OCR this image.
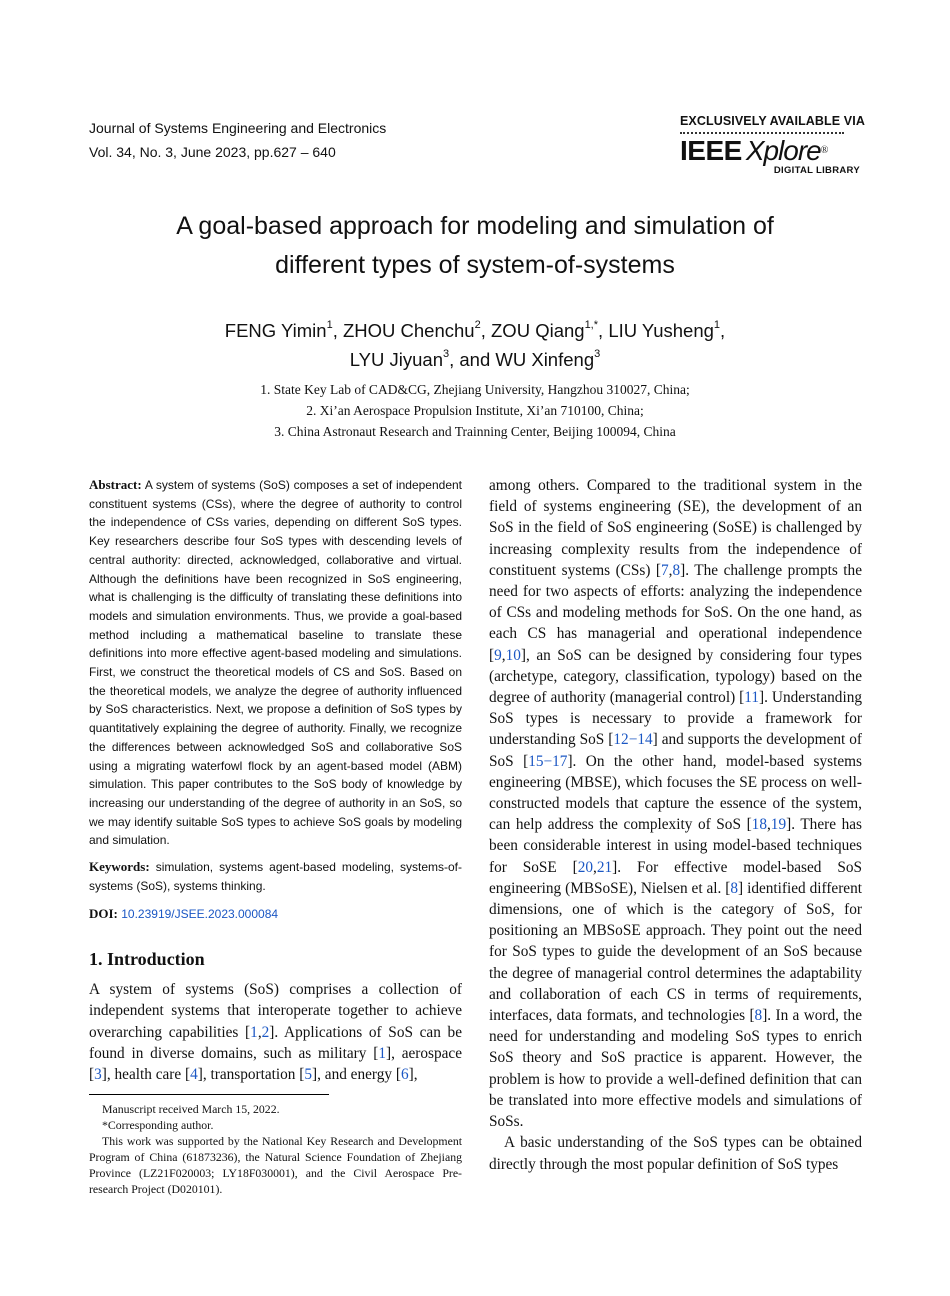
Journal of Systems Engineering and Electronics
Vol. 34, No. 3, June 2023, pp.627 – 640
EXCLUSIVELY AVAILABLE VIA
IEEE Xplore®
DIGITAL LIBRARY
A goal-based approach for modeling and simulation of
different types of system-of-systems
FENG Yimin$^1$, ZHOU Chenchu$^2$, ZOU Qiang$^{1,*}$, LIU Yusheng$^1$,
LYU Jiyuan$^3$, and WU Xinfeng$^3$
1. State Key Lab of CAD&CG, Zhejiang University, Hangzhou 310027, China;
2. Xi’an Aerospace Propulsion Institute, Xi’an 710100, China;
3. China Astronaut Research and Trainning Center, Beijing 100094, China
Abstract: A system of systems (SoS) composes a set of independent constituent systems (CSs), where the degree of authority to control the independence of CSs varies, depending on different SoS types. Key researchers describe four SoS types with descending levels of central authority: directed, acknowledged, collaborative and virtual. Although the definitions have been recognized in SoS engineering, what is challenging is the difficulty of translating these definitions into models and simulation environments. Thus, we provide a goal-based method including a mathematical baseline to translate these definitions into more effective agent-based modeling and simulations. First, we construct the theoretical models of CS and SoS. Based on the theoretical models, we analyze the degree of authority influenced by SoS characteristics. Next, we propose a definition of SoS types by quantitatively explaining the degree of authority. Finally, we recognize the differences between acknowledged SoS and collaborative SoS using a migrating waterfowl flock by an agent-based model (ABM) simulation. This paper contributes to the SoS body of knowledge by increasing our understanding of the degree of authority in an SoS, so we may identify suitable SoS types to achieve SoS goals by modeling and simulation.
Keywords: simulation, systems agent-based modeling, systems-of-systems (SoS), systems thinking.
DOI: 10.23919/JSEE.2023.000084
1. Introduction
A system of systems (SoS) comprises a collection of independent systems that interoperate together to achieve overarching capabilities [1,2]. Applications of SoS can be found in diverse domains, such as military [1], aerospace [3], health care [4], transportation [5], and energy [6],

Manuscript received March 15, 2022.

*Corresponding author.

This work was supported by the National Key Research and Development Program of China (61873236), the Natural Science Foundation of Zhejiang Province (LZ21F020003; LY18F030001), and the Civil Aerospace Pre-research Project (D020101).

among others. Compared to the traditional system in the field of systems engineering (SE), the development of an SoS in the field of SoS engineering (SoSE) is challenged by increasing complexity results from the independence of constituent systems (CSs) [7,8]. The challenge prompts the need for two aspects of efforts: analyzing the independence of CSs and modeling methods for SoS. On the one hand, as each CS has managerial and operational independence [9,10], an SoS can be designed by considering four types (archetype, category, classification, typology) based on the degree of authority (managerial control) [11]. Understanding SoS types is necessary to provide a framework for understanding SoS [12−14] and supports the development of SoS [15−17]. On the other hand, model-based systems engineering (MBSE), which focuses the SE process on well-constructed models that capture the essence of the system, can help address the complexity of SoS [18,19]. There has been considerable interest in using model-based techniques for SoSE [20,21]. For effective model-based SoS engineering (MBSoSE), Nielsen et al. [8] identified different dimensions, one of which is the category of SoS, for positioning an MBSoSE approach. They point out the need for SoS types to guide the development of an SoS because the degree of managerial control determines the adaptability and collaboration of each CS in terms of requirements, interfaces, data formats, and technologies [8]. In a word, the need for understanding and modeling SoS types to enrich SoS theory and SoS practice is apparent. However, the problem is how to provide a well-defined definition that can be translated into more effective models and simulations of SoSs.

A basic understanding of the SoS types can be obtained directly through the most popular definition of SoS types
